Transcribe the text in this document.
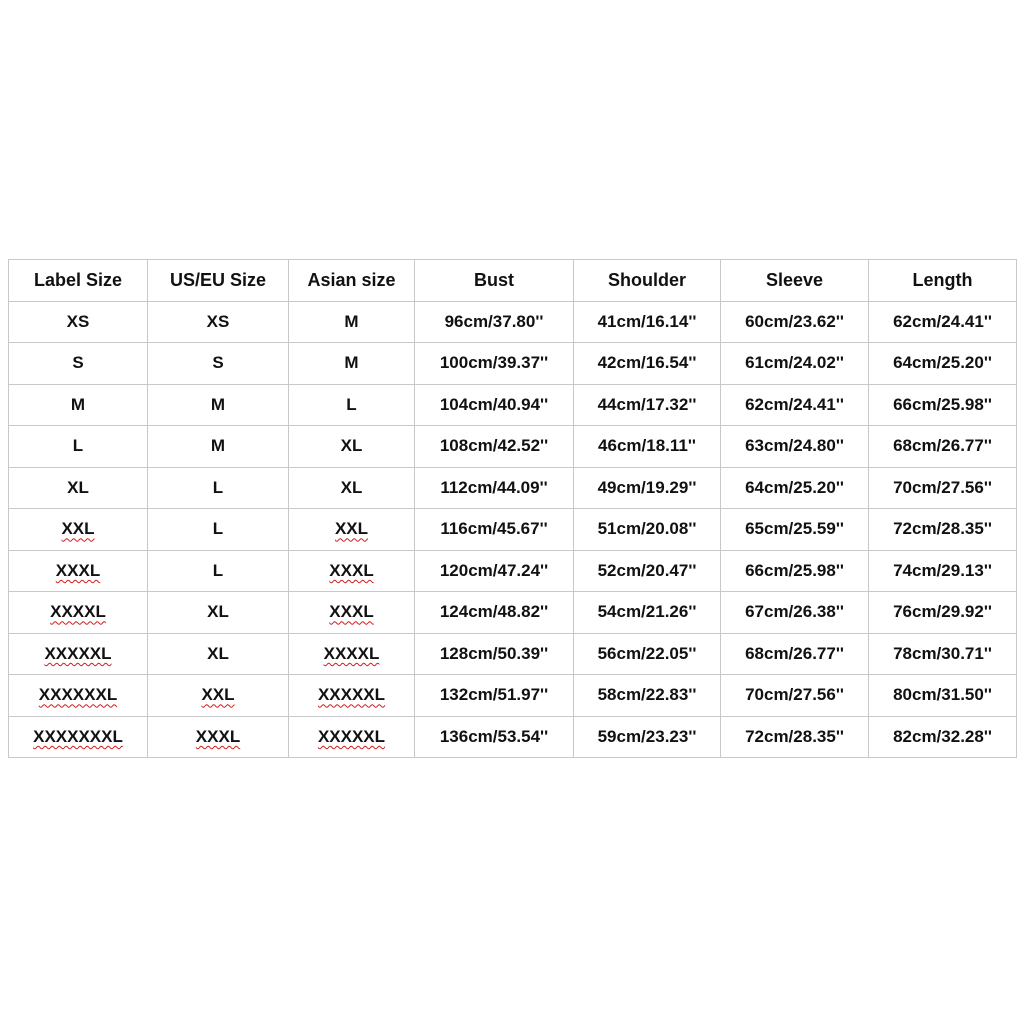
Label Size	US/EU Size	Asian size	Bust	Shoulder	Sleeve	Length
XS	XS	M	96cm/37.80''	41cm/16.14''	60cm/23.62''	62cm/24.41''
S	S	M	100cm/39.37''	42cm/16.54''	61cm/24.02''	64cm/25.20''
M	M	L	104cm/40.94''	44cm/17.32''	62cm/24.41''	66cm/25.98''
L	M	XL	108cm/42.52''	46cm/18.11''	63cm/24.80''	68cm/26.77''
XL	L	XL	112cm/44.09''	49cm/19.29''	64cm/25.20''	70cm/27.56''
XXL	L	XXL	116cm/45.67''	51cm/20.08''	65cm/25.59''	72cm/28.35''
XXXL	L	XXXL	120cm/47.24''	52cm/20.47''	66cm/25.98''	74cm/29.13''
XXXXL	XL	XXXL	124cm/48.82''	54cm/21.26''	67cm/26.38''	76cm/29.92''
XXXXXL	XL	XXXXL	128cm/50.39''	56cm/22.05''	68cm/26.77''	78cm/30.71''
XXXXXXL	XXL	XXXXXL	132cm/51.97''	58cm/22.83''	70cm/27.56''	80cm/31.50''
XXXXXXXL	XXXL	XXXXXL	136cm/53.54''	59cm/23.23''	72cm/28.35''	82cm/32.28''
